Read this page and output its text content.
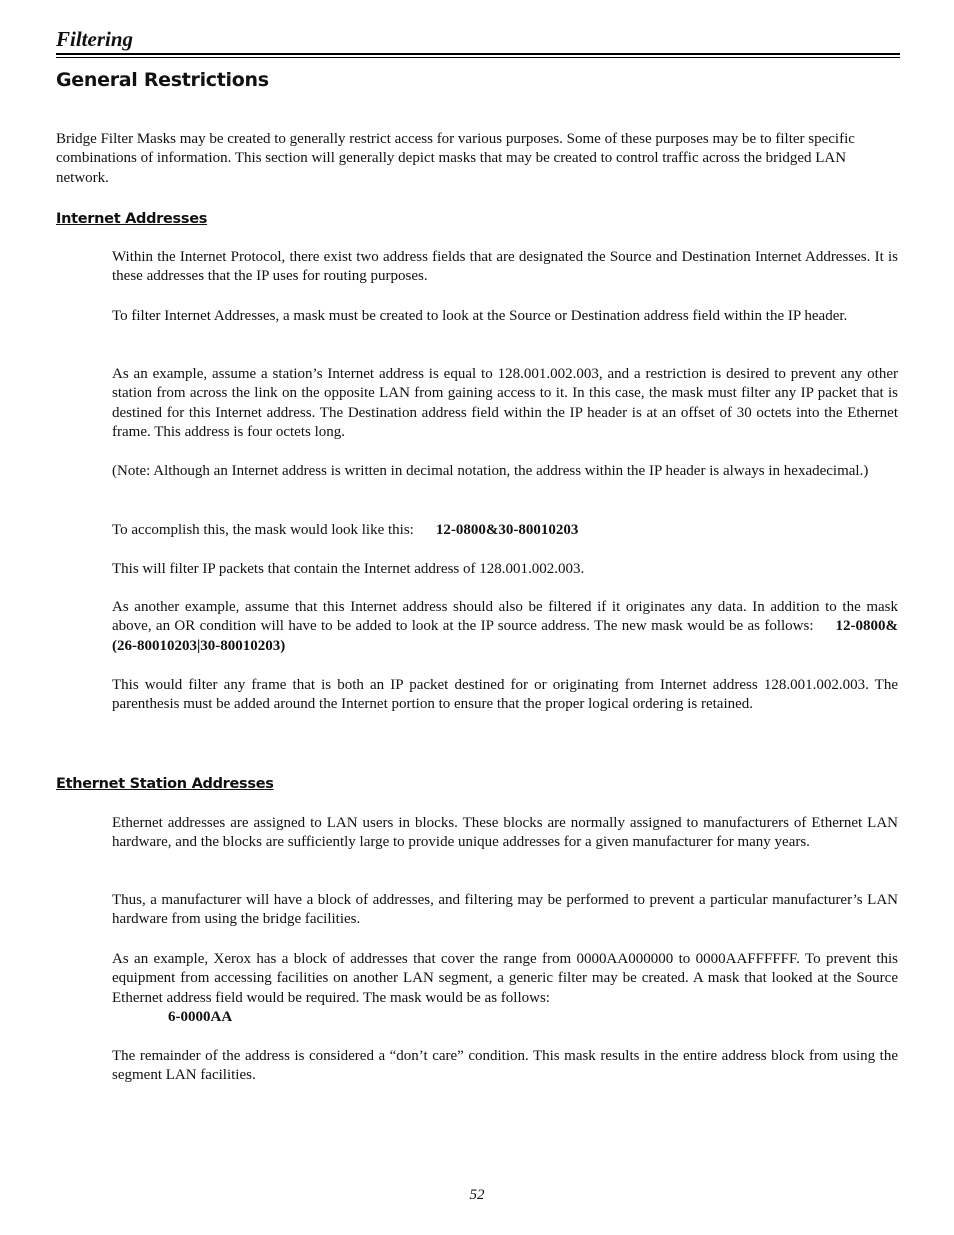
Filtering
General Restrictions

Bridge Filter Masks may be created to generally restrict access for various purposes. Some of these purposes may be to filter specific combinations of information. This section will generally depict masks that may be created to control traffic across the bridged LAN network.

Internet Addresses

Within the Internet Protocol, there exist two address fields that are designated the Source and Destination Internet Addresses. It is these addresses that the IP uses for routing purposes.

To filter Internet Addresses, a mask must be created to look at the Source or Destination address field within the IP header.

As an example, assume a station’s Internet address is equal to 128.001.002.003, and a restriction is desired to prevent any other station from across the link on the opposite LAN from gaining access to it. In this case, the mask must filter any IP packet that is destined for this Internet address. The Destination address field within the IP header is at an offset of 30 octets into the Ethernet frame. This address is four octets long.

(Note: Although an Internet address is written in decimal notation, the address within the IP header is always in hexadecimal.)

To accomplish this, the mask would look like this: 12-0800&30-80010203

This will filter IP packets that contain the Internet address of 128.001.002.003.

As another example, assume that this Internet address should also be filtered if it originates any data. In addition to the mask above, an OR condition will have to be added to look at the IP source address. The new mask would be as follows: 12-0800&(26-80010203|30-80010203)

This would filter any frame that is both an IP packet destined for or originating from Internet address 128.001.002.003. The parenthesis must be added around the Internet portion to ensure that the proper logical ordering is retained.

Ethernet Station Addresses

Ethernet addresses are assigned to LAN users in blocks. These blocks are normally assigned to manufacturers of Ethernet LAN hardware, and the blocks are sufficiently large to provide unique addresses for a given manufacturer for many years.

Thus, a manufacturer will have a block of addresses, and filtering may be performed to prevent a particular manufacturer’s LAN hardware from using the bridge facilities.

As an example, Xerox has a block of addresses that cover the range from 0000AA000000 to 0000AAFFFFFF. To prevent this equipment from accessing facilities on another LAN segment, a generic filter may be created. A mask that looked at the Source Ethernet address field would be required. The mask would be as follows:

6-0000AA

The remainder of the address is considered a “don’t care” condition. This mask results in the entire address block from using the segment LAN facilities.

52
